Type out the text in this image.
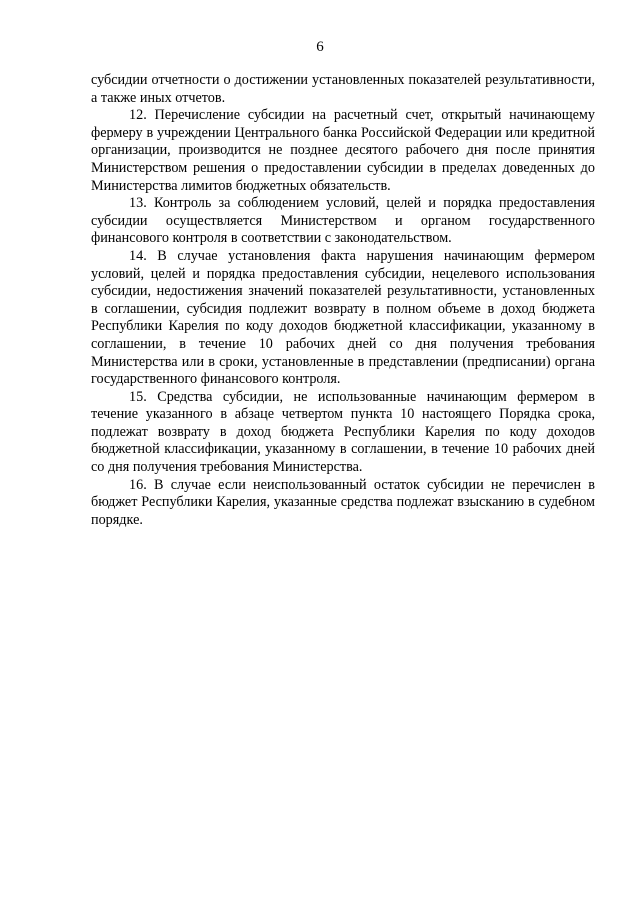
6

субсидии отчетности о достижении установленных показателей результативности, а также иных отчетов.

12. Перечисление субсидии на расчетный счет, открытый начинающему фермеру в учреждении Центрального банка Российской Федерации или кредитной организации, производится не позднее десятого рабочего дня после принятия Министерством решения о предоставлении субсидии в пределах доведенных до Министерства лимитов бюджетных обязательств.

13. Контроль за соблюдением условий, целей и порядка предоставления субсидии осуществляется Министерством и органом государственного финансового контроля в соответствии с законодательством.

14. В случае установления факта нарушения начинающим фермером условий, целей и порядка предоставления субсидии, нецелевого использования субсидии, недостижения значений показателей результативности, установленных в соглашении, субсидия подлежит возврату в полном объеме в доход бюджета Республики Карелия по коду доходов бюджетной классификации, указанному в соглашении, в течение 10 рабочих дней со дня получения требования Министерства или в сроки, установленные в представлении (предписании) органа государственного финансового контроля.

15. Средства субсидии, не использованные начинающим фермером в течение указанного в абзаце четвертом пункта 10 настоящего Порядка срока, подлежат возврату в доход бюджета Республики Карелия по коду доходов бюджетной классификации, указанному в соглашении, в течение 10 рабочих дней со дня получения требования Министерства.

16. В случае если неиспользованный остаток субсидии не перечислен в бюджет Республики Карелия, указанные средства подлежат взысканию в судебном порядке.
